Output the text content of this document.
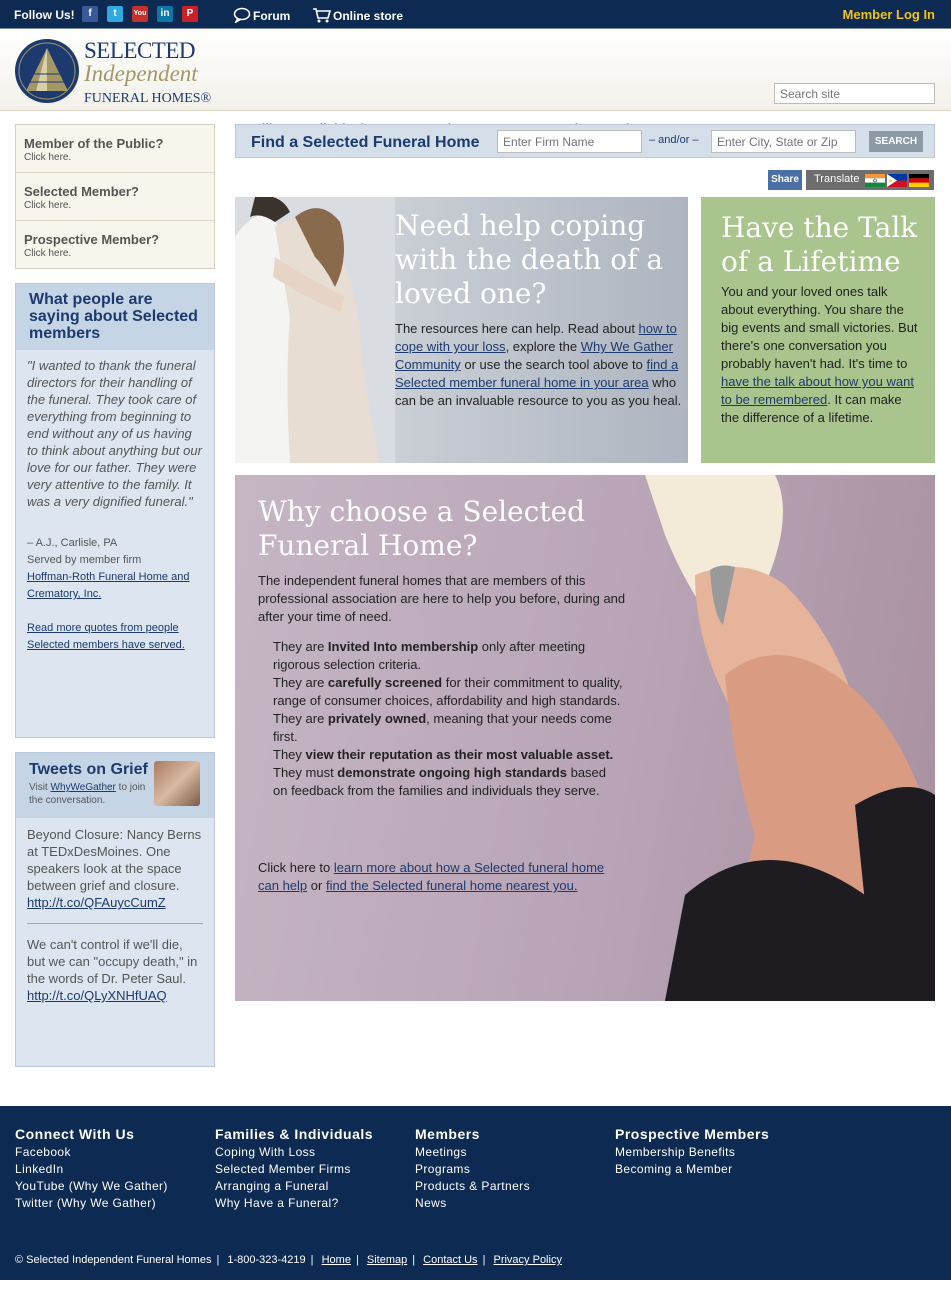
Follow Us!	f	t	You	in	P	Forum	Online store	Member Log In
SELECTED
Independent
FUNERAL HOMES®
Search site
Member of the Public?
Click here.
Selected Member?
Click here.
Prospective Member?
Click here.
What people are saying about Selected members
"I wanted to thank the funeral directors for their handling of the funeral. They took care of everything from beginning to end without any of us having to think about anything but our love for our father. They were very attentive to the family. It was a very dignified funeral."
– A.J., Carlisle, PA
Served by member firm
Hoffman-Roth Funeral Home and Crematory, Inc.
Read more quotes from people Selected members have served.
Tweets on Grief
Visit WhyWeGather to join the conversation.
Beyond Closure: Nancy Berns at TEDxDesMoines. One speakers look at the space between grief and closure.
http://t.co/QFAuycCumZ
We can't control if we'll die, but we can "occupy death," in the words of Dr. Peter Saul.
http://t.co/QLyXNHfUAQ
Find a Selected Funeral Home
Enter Firm Name	– and/or –
Enter City, State or Zip	SEARCH
Share	Translate
Need help coping with the death of a loved one?
The resources here can help. Read about how to cope with your loss, explore the Why We Gather Community or use the search tool above to find a Selected member funeral home in your area who can be an invaluable resource to you as you heal.
Have the Talk of a Lifetime
You and your loved ones talk about everything. You share the big events and small victories. But there's one conversation you probably haven't had. It's time to have the talk about how you want to be remembered. It can make the difference of a lifetime.
Why choose a Selected Funeral Home?
The independent funeral homes that are members of this professional association are here to help you before, during and after your time of need.
They are Invited Into membership only after meeting rigorous selection criteria.
They are carefully screened for their commitment to quality, range of consumer choices, affordability and high standards.
They are privately owned, meaning that your needs come first.
They view their reputation as their most valuable asset.
They must demonstrate ongoing high standards based on feedback from the families and individuals they serve.
Click here to learn more about how a Selected funeral home can help or find the Selected funeral home nearest you.
Connect With Us
Facebook
LinkedIn
YouTube (Why We Gather)
Twitter (Why We Gather)
Families & Individuals
Coping With Loss
Selected Member Firms
Arranging a Funeral
Why Have a Funeral?
Members
Meetings
Programs
Products & Partners
News
Prospective Members
Membership Benefits
Becoming a Member
© Selected Independent Funeral Homes | 1-800-323-4219 | Home | Sitemap | Contact Us | Privacy Policy
